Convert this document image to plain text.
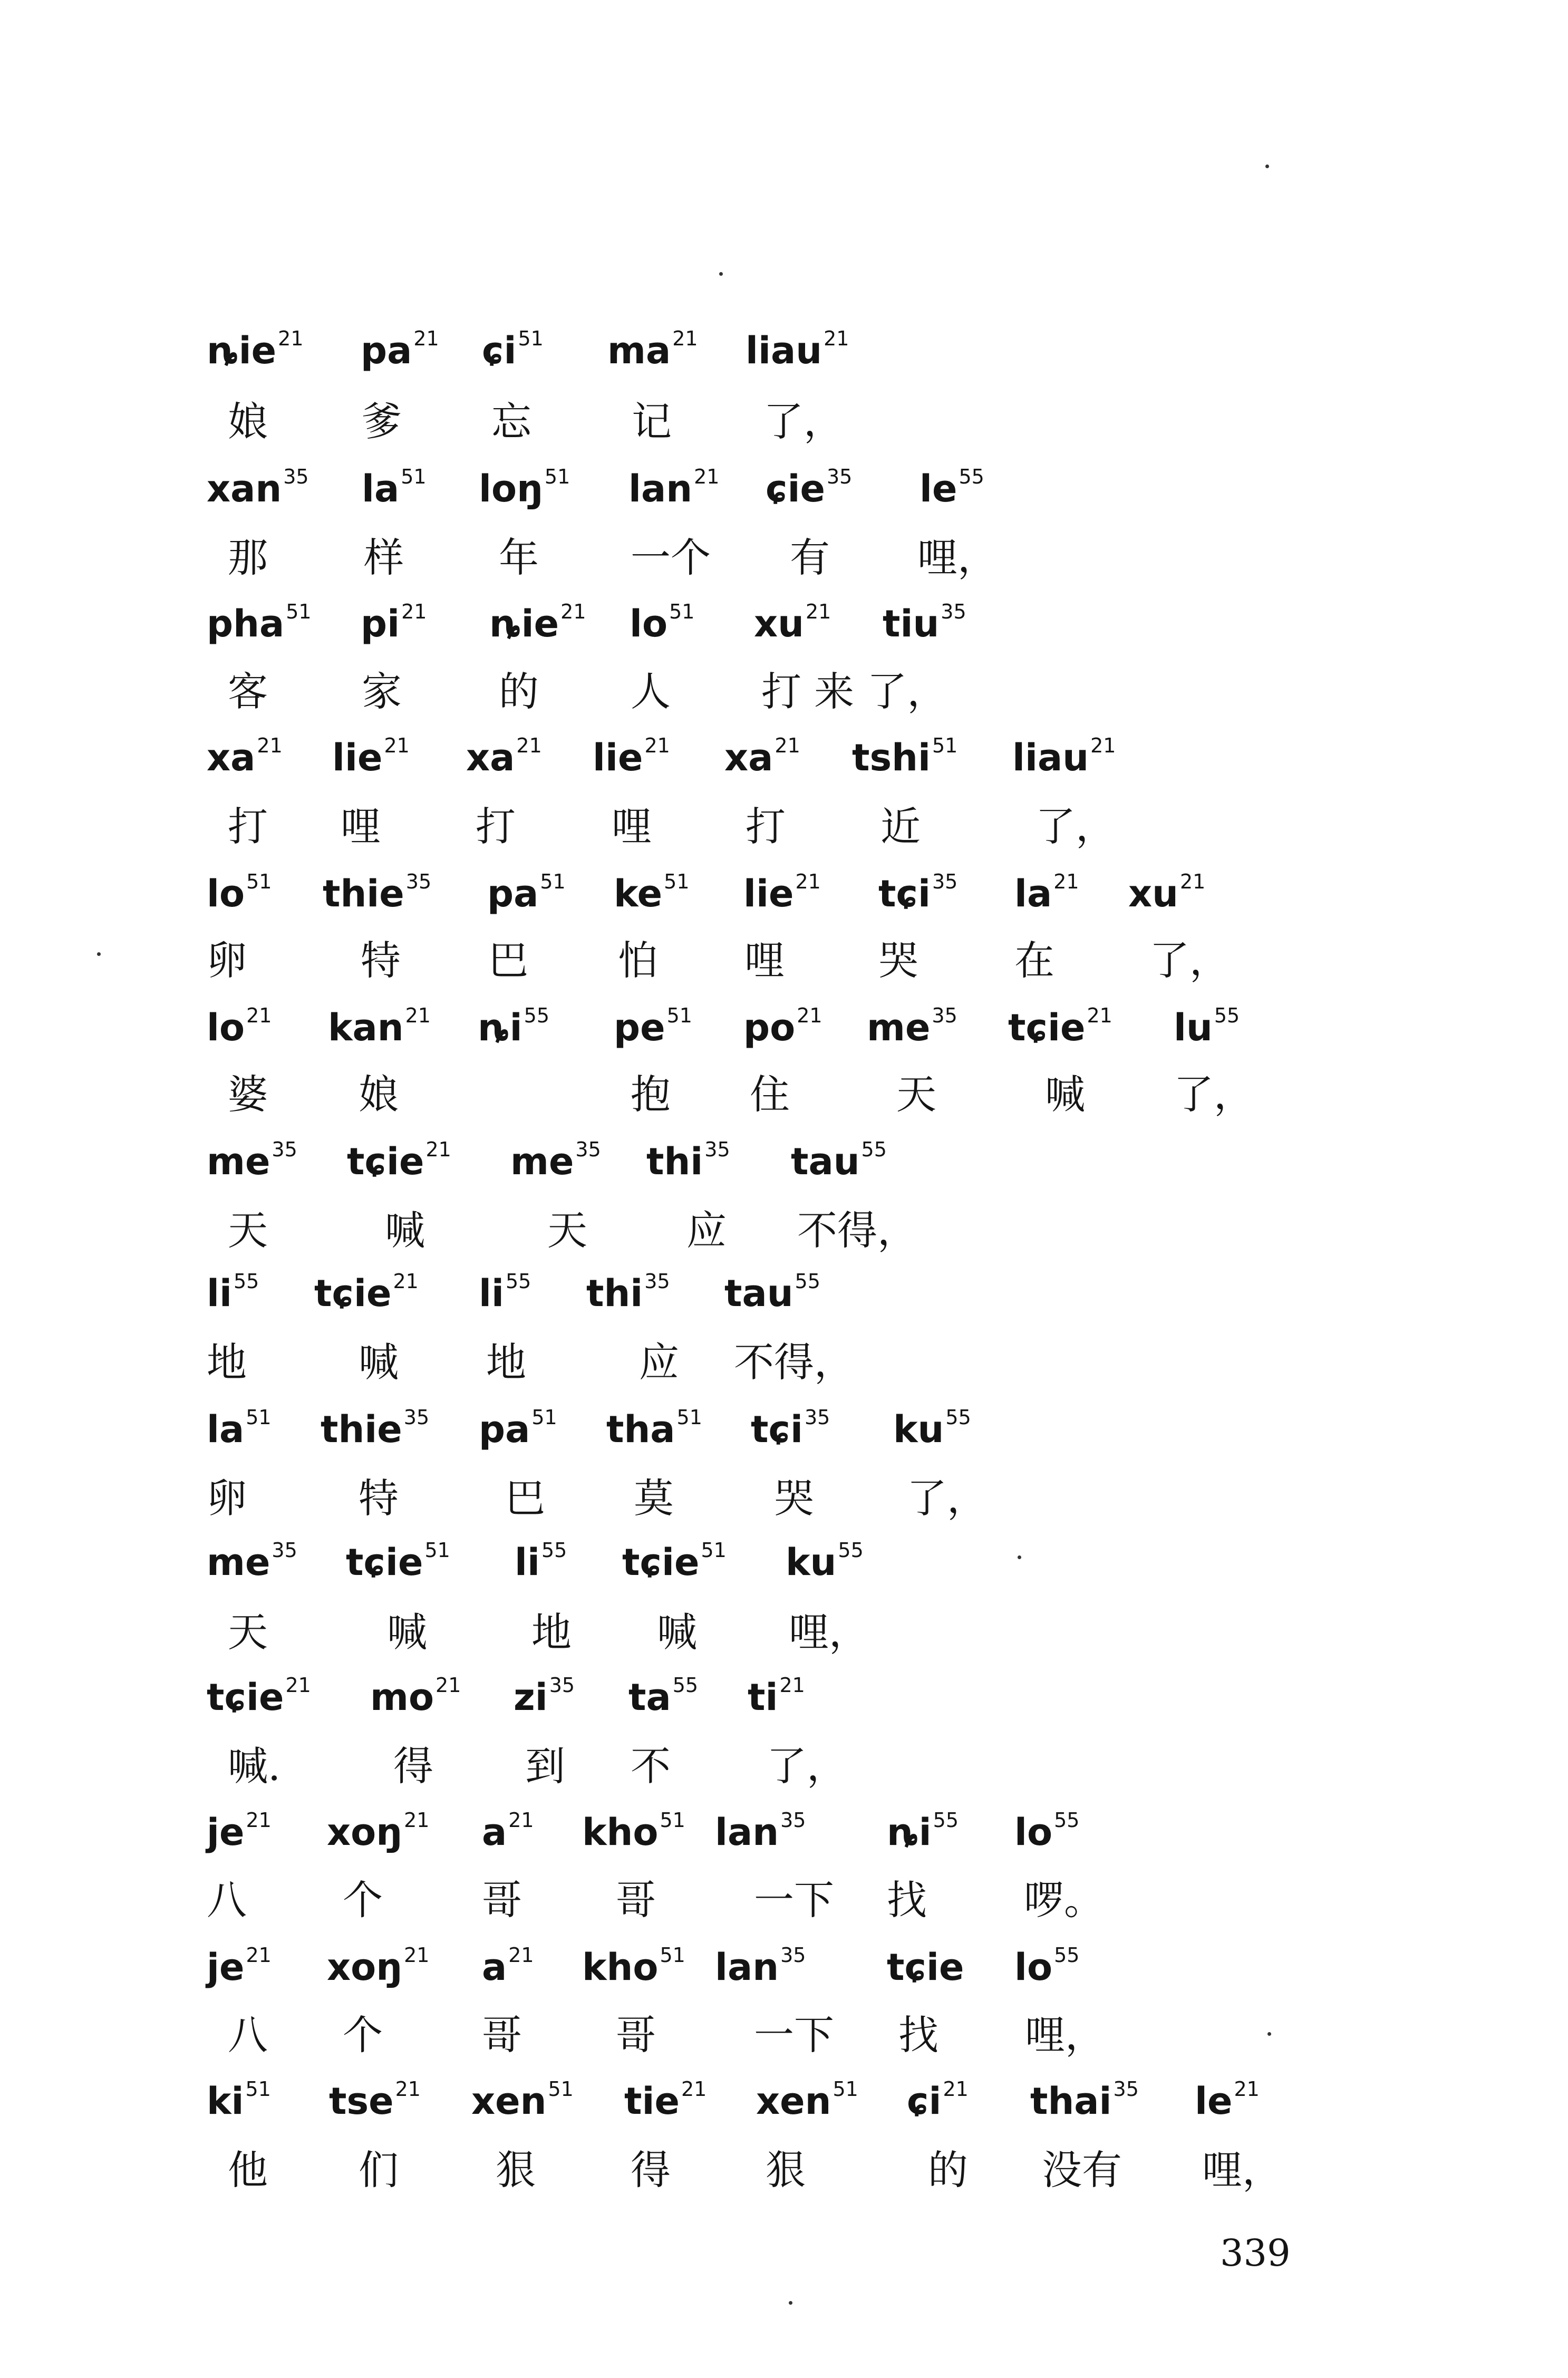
ȵie$^{21}$ $pa^{21}$ ɕi$^{51}$ $ma^{21}$ liau$^{21}$
娘 爹 忘	记 了，
xan$^{35}$ $la^{51}$ loŋ$^{51}$ lan$^{21}$ ɕie$^{35}$ $le^{55}$
那 样 年 一个 有 哩，
pha$^{51}$ $pi^{21}$ ȵie$^{21}$ $lo^{51}$ $xu^{21}$ tiu$^{35}$
客 家 的 人 打 来 了，
$xa^{21}$ lie$^{21}$ $xa^{21}$ lie$^{21}$ $xa^{21}$ tshi$^{51}$ liau$^{21}$
打 哩 打 哩 打 近	了，
$lo^{51}$ thie$^{35}$ $pa^{51}$ $ke^{51}$ lie$^{21}$ tɕi$^{35}$ $la^{21}$ $xu^{21}$
卵	特 巴 怕 哩 哭 在 了，
$lo^{21}$ kan$^{21}$ $ȵi^{55}$ $pe^{51}$ $po^{21}$ $me^{35}$ tɕie$^{21}$ $lu^{55}$
婆 娘	抱 住	天	喊 了，
$me^{35}$ tɕie$^{21}$ $me^{35}$ thi$^{35}$ tau$^{55}$
天	喊	天 应 不得，
$li^{55}$ tɕie$^{21}$ $li^{55}$ thi$^{35}$ tau$^{55}$
地	喊 地	应 不得，
$la^{51}$ thie$^{35}$ $pa^{51}$ tha$^{51}$ tɕi$^{35}$ $ku^{55}$
卵	特	巴 莫	哭 了，
$me^{35}$ tɕie$^{51}$ $li^{55}$ tɕie$^{51}$ $ku^{55}$
天	喊	地 喊 哩，
tɕie$^{21}$ $mo^{21}$ $zi^{35}$ $ta^{55}$ $ti^{21}$
喊.	得 到 不 了，
$je^{21}$ xoŋ$^{21}$ $a^{21}$ kho$^{51}$ lan$^{35}$ $ȵi^{55}$ $lo^{55}$
八 个 哥 哥 一下 找 啰。
$je^{21}$ xoŋ$^{21}$ $a^{21}$ kho$^{51}$ lan$^{35}$ tɕie $lo^{55}$
八 个 哥 哥 一下 找 哩，
$ki^{51}$ tse$^{21}$ xen$^{51}$ tie$^{21}$ xen$^{51}$ ɕi$^{21}$ thai$^{35}$ $le^{21}$
他 们 狠 得 狠	的 没有 哩，
339
